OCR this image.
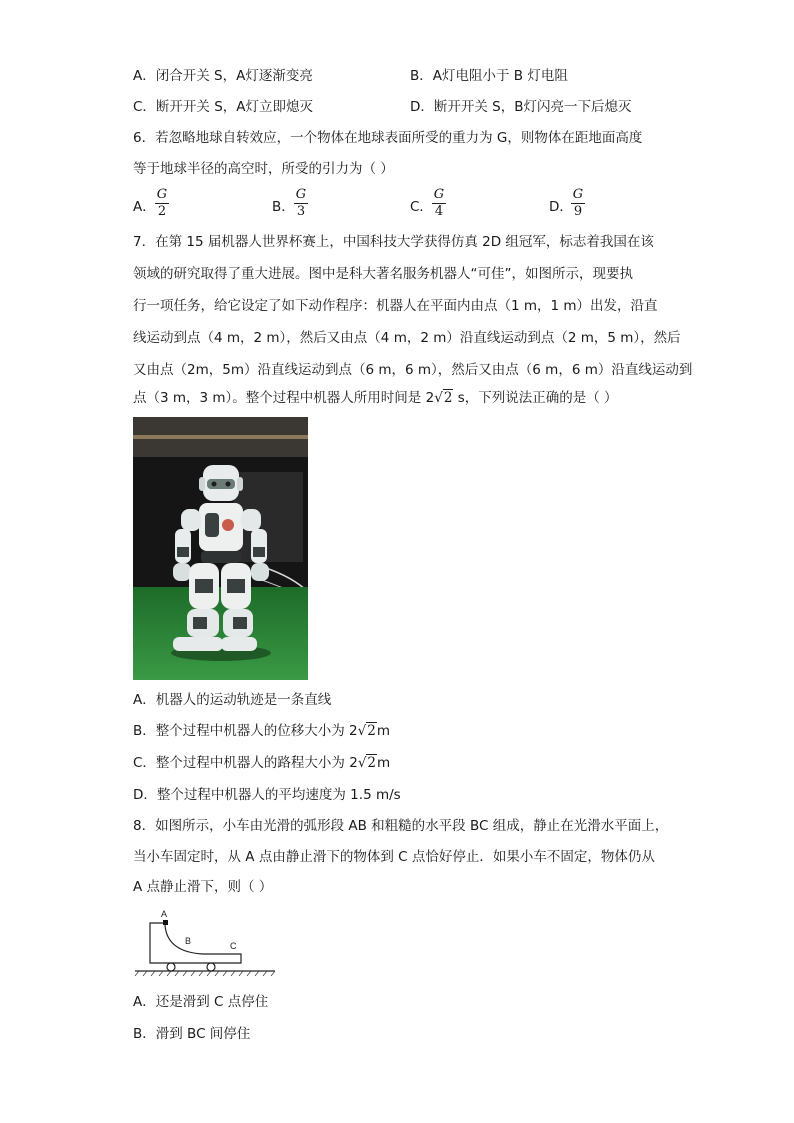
A．闭合开关 S，A灯逐渐变亮	B．A灯电阻小于 B 灯电阻
C．断开开关 S，A灯立即熄灭	D．断开开关 S，B灯闪亮一下后熄灭
6．若忽略地球自转效应，一个物体在地球表面所受的重力为 G，则物体在距地面高度
等于地球半径的高空时，所受的引力为（ ）
A．
G
2	B．
G
3	C．
G
4	D．
G
9
7．在第 15 届机器人世界杯赛上，中国科技大学获得仿真 2D 组冠军，标志着我国在该
领域的研究取得了重大进展。图中是科大著名服务机器人“可佳”，如图所示，现要执
行一项任务，给它设定了如下动作程序：机器人在平面内由点（1 m，1 m）出发，沿直
线运动到点（4 m，2 m），然后又由点（4 m，2 m）沿直线运动到点（2 m，5 m），然后
又由点（2m，5m）沿直线运动到点（6 m，6 m），然后又由点（6 m，6 m）沿直线运动到
点（3 m，3 m）。整个过程中机器人所用时间是 2√2 s，下列说法正确的是（ ）
A．机器人的运动轨迹是一条直线
B．整个过程中机器人的位移大小为 2√2m
C．整个过程中机器人的路程大小为 2√2m
D．整个过程中机器人的平均速度为 1.5 m/s
8．如图所示，小车由光滑的弧形段 AB 和粗糙的水平段 BC 组成，静止在光滑水平面上，
当小车固定时，从 A 点由静止滑下的物体到 C 点恰好停止．如果小车不固定，物体仍从
A 点静止滑下，则（ ）
A
B	C
A．还是滑到 C 点停住
B．滑到 BC 间停住
